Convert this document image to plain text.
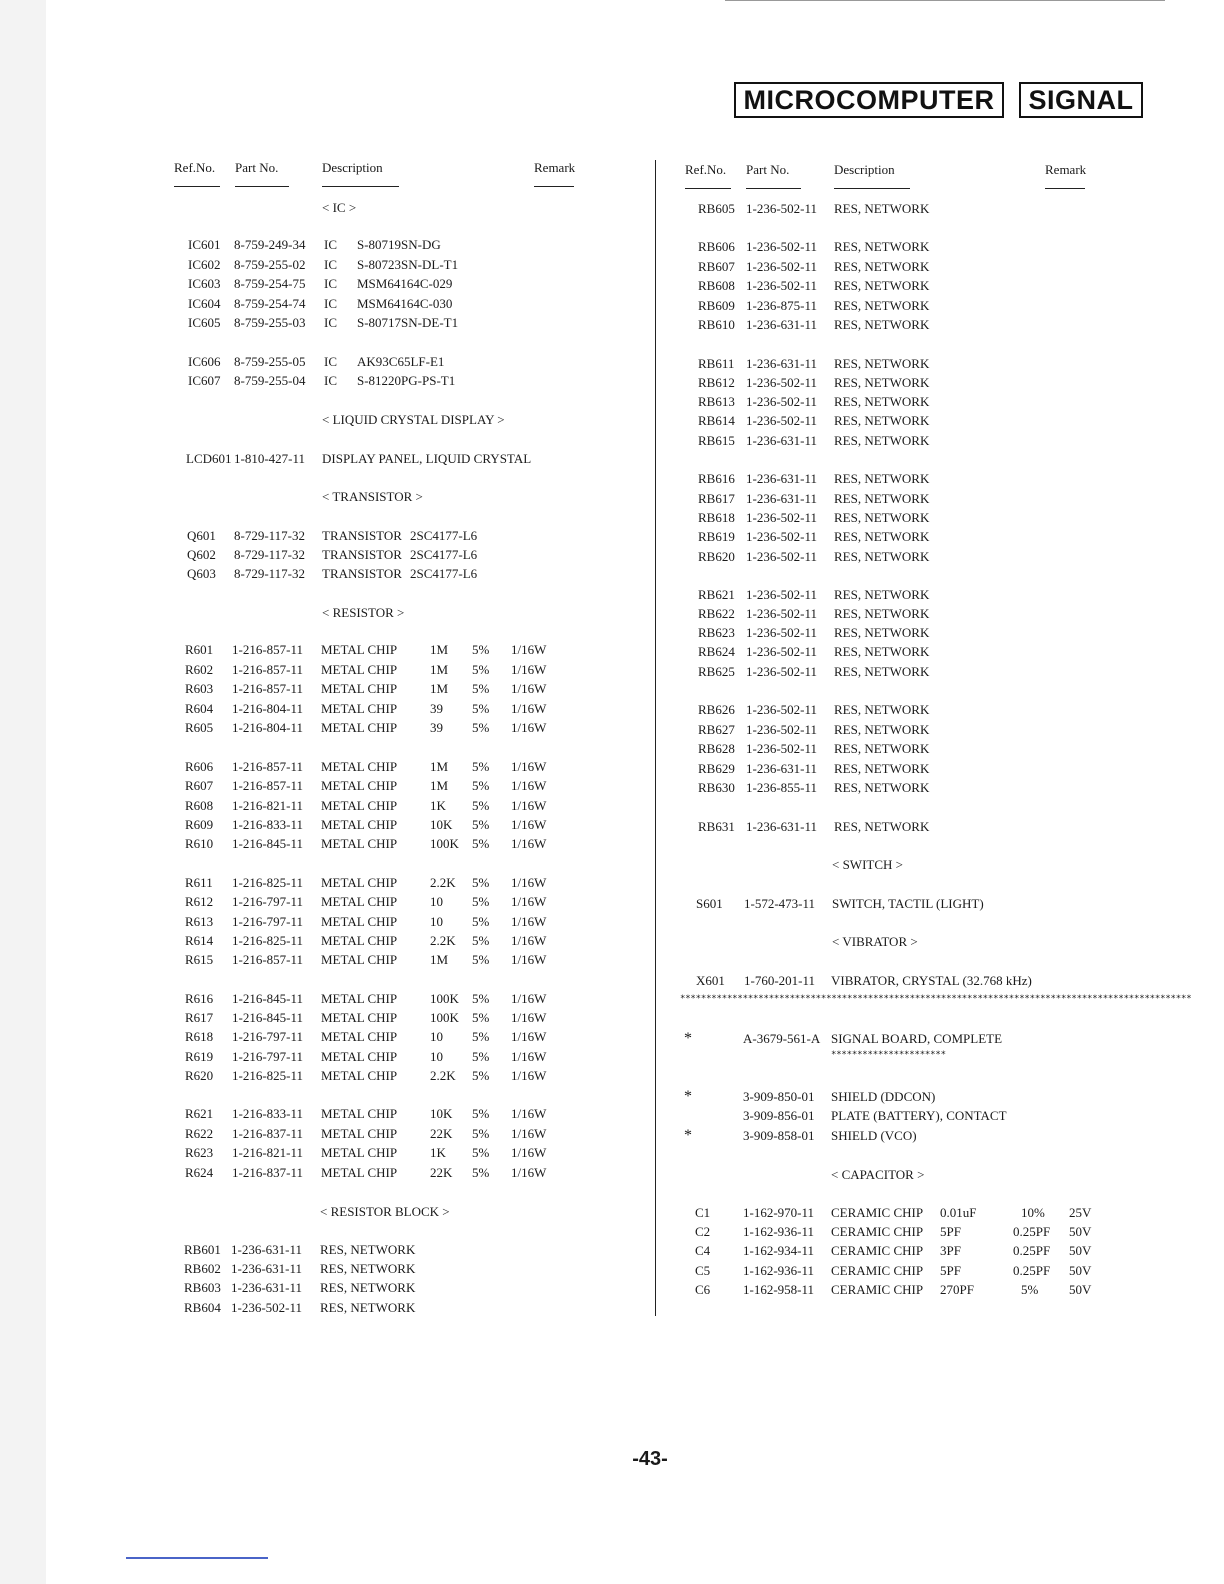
MICROCOMPUTER	SIGNAL
Ref.No. Part No.	Description	Remark	Ref.No. Part No.	Description	Remark
< IC >
IC601 8-759-249-34 IC S-80719SN-DG
IC602 8-759-255-02 IC S-80723SN-DL-T1
IC603 8-759-254-75 IC MSM64164C-029
IC604 8-759-254-74 IC MSM64164C-030
IC605 8-759-255-03 IC S-80717SN-DE-T1
IC606 8-759-255-05 IC AK93C65LF-E1
IC607 8-759-255-04 IC S-81220PG-PS-T1
< LIQUID CRYSTAL DISPLAY >
LCD601 1-810-427-11 DISPLAY PANEL, LIQUID CRYSTAL
< TRANSISTOR >
Q601 8-729-117-32 TRANSISTOR 2SC4177-L6
Q602 8-729-117-32 TRANSISTOR 2SC4177-L6
Q603 8-729-117-32 TRANSISTOR 2SC4177-L6
< RESISTOR >
R601 1-216-857-11 METAL CHIP	1M 5% 1/16W
R602 1-216-857-11 METAL CHIP	1M 5% 1/16W
R603 1-216-857-11 METAL CHIP	1M 5% 1/16W
R604 1-216-804-11 METAL CHIP	39 5% 1/16W
R605 1-216-804-11 METAL CHIP	39 5% 1/16W
R606 1-216-857-11 METAL CHIP	1M 5% 1/16W
R607 1-216-857-11 METAL CHIP	1M 5% 1/16W
R608 1-216-821-11 METAL CHIP	1K 5% 1/16W
R609 1-216-833-11 METAL CHIP	10K 5% 1/16W
R610 1-216-845-11 METAL CHIP	100K 5% 1/16W
R611 1-216-825-11 METAL CHIP	2.2K 5% 1/16W
R612 1-216-797-11 METAL CHIP	10 5% 1/16W
R613 1-216-797-11 METAL CHIP	10 5% 1/16W
R614 1-216-825-11 METAL CHIP	2.2K 5% 1/16W
R615 1-216-857-11 METAL CHIP	1M 5% 1/16W
R616 1-216-845-11 METAL CHIP	100K 5% 1/16W
R617 1-216-845-11 METAL CHIP	100K 5% 1/16W
R618 1-216-797-11 METAL CHIP	10 5% 1/16W
R619 1-216-797-11 METAL CHIP	10 5% 1/16W
R620 1-216-825-11 METAL CHIP	2.2K 5% 1/16W
R621 1-216-833-11 METAL CHIP	10K 5% 1/16W
R622 1-216-837-11 METAL CHIP	22K 5% 1/16W
R623 1-216-821-11 METAL CHIP	1K 5% 1/16W
R624 1-216-837-11 METAL CHIP	22K 5% 1/16W
< RESISTOR BLOCK >
RB601 1-236-631-11 RES, NETWORK
RB602 1-236-631-11 RES, NETWORK
RB603 1-236-631-11 RES, NETWORK
RB604 1-236-502-11 RES, NETWORK
RB605 1-236-502-11 RES, NETWORK
RB606 1-236-502-11 RES, NETWORK
RB607 1-236-502-11 RES, NETWORK
RB608 1-236-502-11 RES, NETWORK
RB609 1-236-875-11 RES, NETWORK
RB610 1-236-631-11 RES, NETWORK
RB611 1-236-631-11 RES, NETWORK
RB612 1-236-502-11 RES, NETWORK
RB613 1-236-502-11 RES, NETWORK
RB614 1-236-502-11 RES, NETWORK
RB615 1-236-631-11 RES, NETWORK
RB616 1-236-631-11 RES, NETWORK
RB617 1-236-631-11 RES, NETWORK
RB618 1-236-502-11 RES, NETWORK
RB619 1-236-502-11 RES, NETWORK
RB620 1-236-502-11 RES, NETWORK
RB621 1-236-502-11 RES, NETWORK
RB622 1-236-502-11 RES, NETWORK
RB623 1-236-502-11 RES, NETWORK
RB624 1-236-502-11 RES, NETWORK
RB625 1-236-502-11 RES, NETWORK
RB626 1-236-502-11 RES, NETWORK
RB627 1-236-502-11 RES, NETWORK
RB628 1-236-502-11 RES, NETWORK
RB629 1-236-631-11 RES, NETWORK
RB630 1-236-855-11 RES, NETWORK
RB631 1-236-631-11 RES, NETWORK
< SWITCH >
S601 1-572-473-11 SWITCH, TACTIL (LIGHT)
< VIBRATOR >
X601 1-760-201-11 VIBRATOR, CRYSTAL (32.768 kHz)
**************************************************************************************************
*	A-3679-561-A SIGNAL BOARD, COMPLETE
**********************
*	3-909-850-01 SHIELD (DDCON)
3-909-856-01 PLATE (BATTERY), CONTACT
*	3-909-858-01 SHIELD (VCO)
< CAPACITOR >
C1	1-162-970-11 CERAMIC CHIP 0.01uF	10% 25V
C2	1-162-936-11 CERAMIC CHIP 5PF	0.25PF 50V
C4	1-162-934-11 CERAMIC CHIP 3PF	0.25PF 50V
C5	1-162-936-11 CERAMIC CHIP 5PF	0.25PF 50V
C6	1-162-958-11 CERAMIC CHIP 270PF	5% 50V
-43-
